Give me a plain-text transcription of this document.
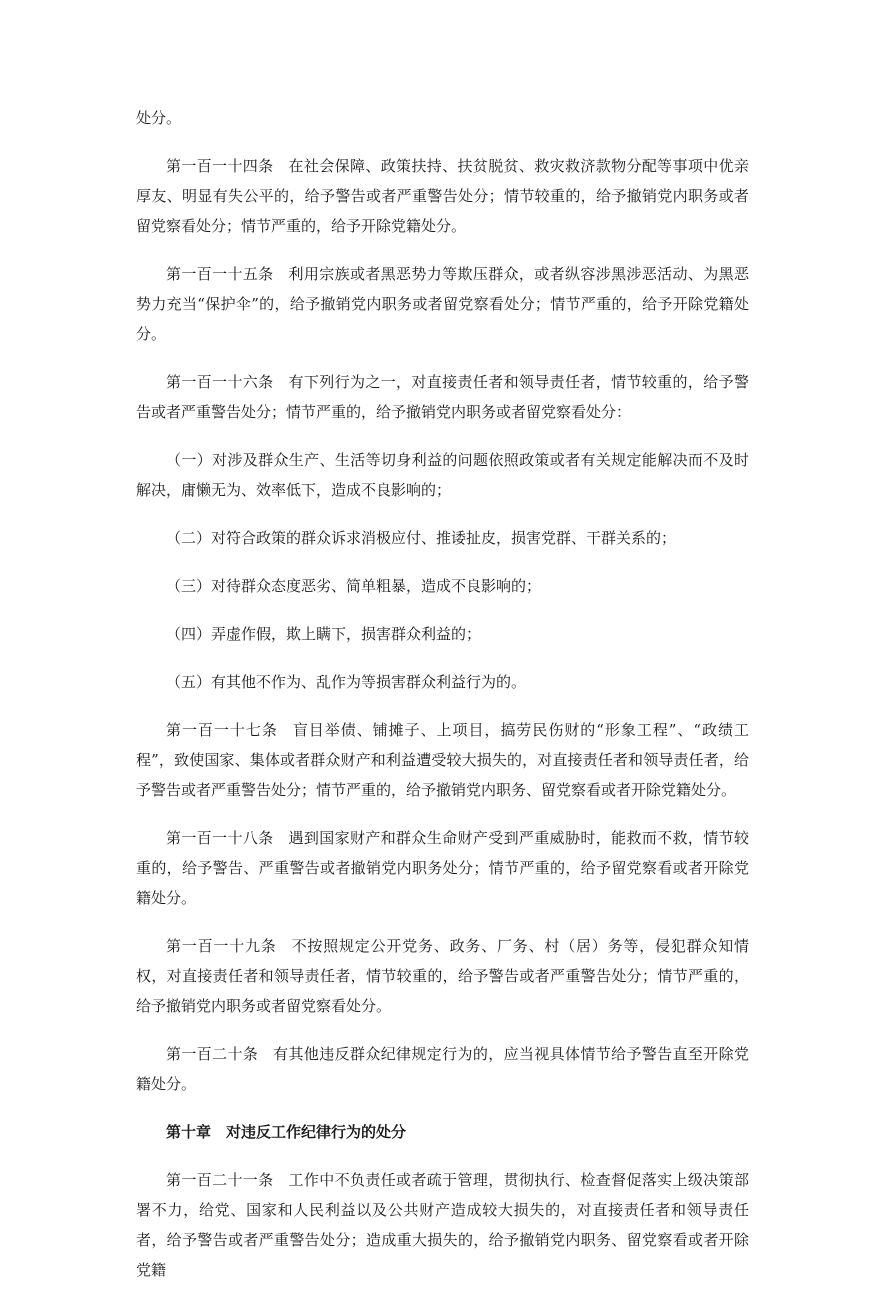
处分。

第一百一十四条 在社会保障、政策扶持、扶贫脱贫、救灾救济款物分配等事项中优亲厚友、明显有失公平的，给予警告或者严重警告处分；情节较重的，给予撤销党内职务或者留党察看处分；情节严重的，给予开除党籍处分。

第一百一十五条 利用宗族或者黑恶势力等欺压群众，或者纵容涉黑涉恶活动、为黑恶势力充当“保护伞”的，给予撤销党内职务或者留党察看处分；情节严重的，给予开除党籍处分。

第一百一十六条 有下列行为之一，对直接责任者和领导责任者，情节较重的，给予警告或者严重警告处分；情节严重的，给予撤销党内职务或者留党察看处分：

（一）对涉及群众生产、生活等切身利益的问题依照政策或者有关规定能解决而不及时解决，庸懒无为、效率低下，造成不良影响的；

（二）对符合政策的群众诉求消极应付、推诿扯皮，损害党群、干群关系的；

（三）对待群众态度恶劣、简单粗暴，造成不良影响的；

（四）弄虚作假，欺上瞒下，损害群众利益的；

（五）有其他不作为、乱作为等损害群众利益行为的。

第一百一十七条 盲目举债、铺摊子、上项目，搞劳民伤财的“形象工程”、“政绩工程”，致使国家、集体或者群众财产和利益遭受较大损失的，对直接责任者和领导责任者，给予警告或者严重警告处分；情节严重的，给予撤销党内职务、留党察看或者开除党籍处分。

第一百一十八条 遇到国家财产和群众生命财产受到严重威胁时，能救而不救，情节较重的，给予警告、严重警告或者撤销党内职务处分；情节严重的，给予留党察看或者开除党籍处分。

第一百一十九条 不按照规定公开党务、政务、厂务、村（居）务等，侵犯群众知情权，对直接责任者和领导责任者，情节较重的，给予警告或者严重警告处分；情节严重的，给予撤销党内职务或者留党察看处分。

第一百二十条 有其他违反群众纪律规定行为的，应当视具体情节给予警告直至开除党籍处分。

第十章 对违反工作纪律行为的处分

第一百二十一条 工作中不负责任或者疏于管理，贯彻执行、检查督促落实上级决策部署不力，给党、国家和人民利益以及公共财产造成较大损失的，对直接责任者和领导责任者，给予警告或者严重警告处分；造成重大损失的，给予撤销党内职务、留党察看或者开除党籍
